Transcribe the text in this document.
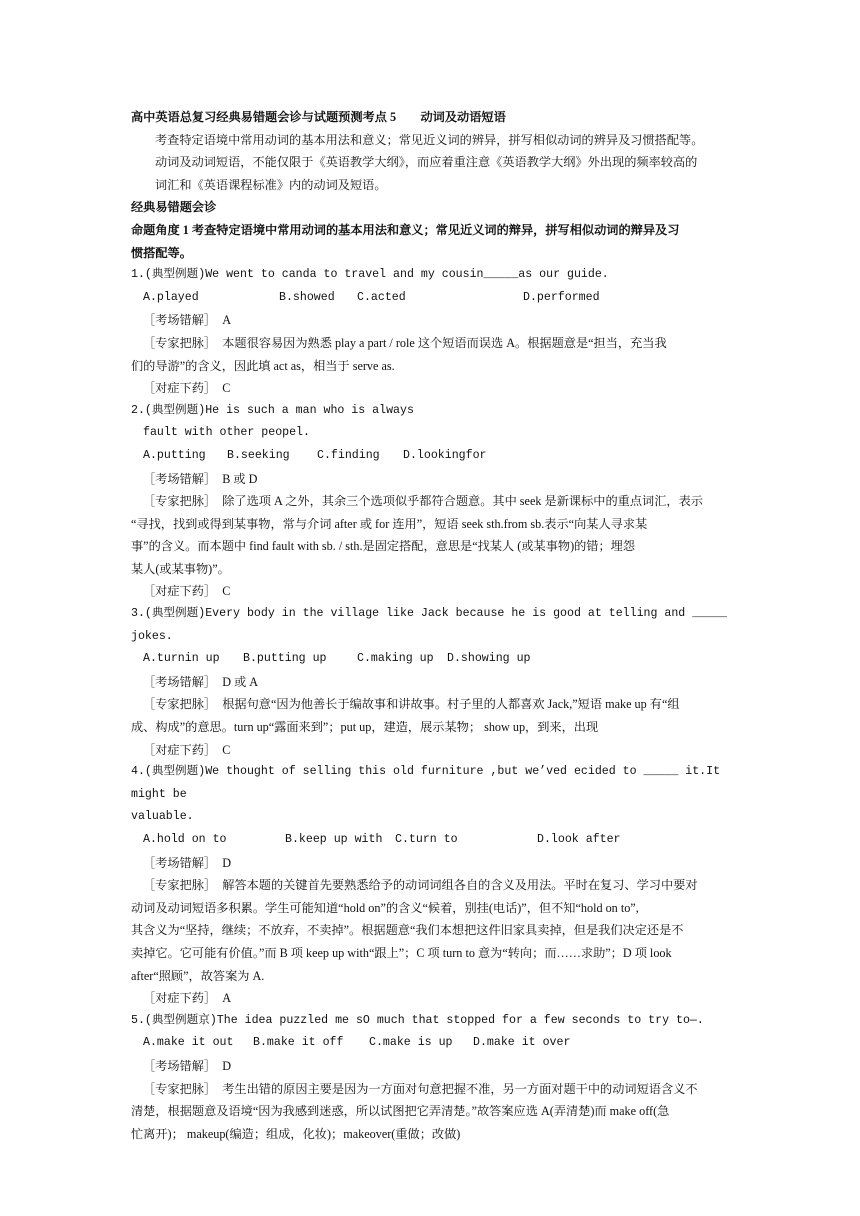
高中英语总复习经典易错题会诊与试题预测考点 5　　动词及动语短语

考查特定语境中常用动词的基本用法和意义；常见近义词的辨异，拼写相似动词的辨异及习惯搭配等。

动词及动词短语，不能仅限于《英语教学大纲》，而应着重注意《英语教学大纲》外出现的频率较高的

词汇和《英语课程标准》内的动词及短语。

经典易错题会诊

命题角度 1 考查特定语境中常用动词的基本用法和意义；常见近义词的辩异，拼写相似动词的辩异及习

惯搭配等。

1.(典型例题)We went to canda to travel and my cousin_____as our guide.

A.played	B.showed	C.acted	D.performed

［考场错解］ A

［专家把脉］ 本题很容易因为熟悉 play a part / role 这个短语而误选 A。根据题意是“担当，充当我

们的导游”的含义，因此填 act as，相当于 serve as.

［对症下药］ C

2.(典型例题)He is such a man who is always

fault with other peopel.

A.putting	B.seeking	C.finding	D.lookingfor

［考场错解］ B 或 D

［专家把脉］ 除了选项 A 之外，其余三个选项似乎都符合题意。其中 seek 是新课标中的重点词汇，表示

“寻找，找到或得到某事物，常与介词 after 或 for 连用”，短语 seek sth.from sb.表示“向某人寻求某

事”的含义。而本题中 find fault with sb. / sth.是固定搭配，意思是“找某人 (或某事物)的错；埋怨

某人(或某事物)”。

［对症下药］ C

3.(典型例题)Every body in the village like Jack because he is good at telling and _____ jokes.

A.turnin up	B.putting up	C.making up	D.showing up

［考场错解］ D 或 A

［专家把脉］ 根据句意“因为他善长于编故事和讲故事。村子里的人都喜欢 Jack,”短语 make up 有“组

成、构成”的意思。turn up“露面来到”；put up，建造，展示某物； show up，到来，出现

［对症下药］ C

4.(典型例题)We thought of selling this old furniture ,but we’ved ecided to _____ it.It might be

valuable.

A.hold on to	B.keep up with	C.turn to	D.look after

［考场错解］ D

［专家把脉］ 解答本题的关键首先要熟悉给予的动词词组各自的含义及用法。平时在复习、学习中要对

动词及动词短语多积累。学生可能知道“hold on”的含义“候着，别挂(电话)”，但不知“hold on to”,

其含义为“坚持，继续；不放弃，不卖掉”。根据题意“我们本想把这件旧家具卖掉，但是我们决定还是不

卖掉它。它可能有价值。”而 B 项 keep up with“跟上”；C 项 turn to 意为“转向；而……求助”；D 项 look

after“照顾”，故答案为 A.

［对症下药］ A

5.(典型例题京)The idea puzzled me sO much that stopped for a few seconds to try to—.

A.make it out	B.make it off	C.make is up	D.make it over

［考场错解］ D

［专家把脉］ 考生出错的原因主要是因为一方面对句意把握不准，另一方面对题干中的动词短语含义不

清楚，根据题意及语境“因为我感到迷惑，所以试图把它弄清楚。”故答案应选 A(弄清楚)而 make off(急

忙离开)； makeup(编造；组成，化妆)；makeover(重做；改做)
